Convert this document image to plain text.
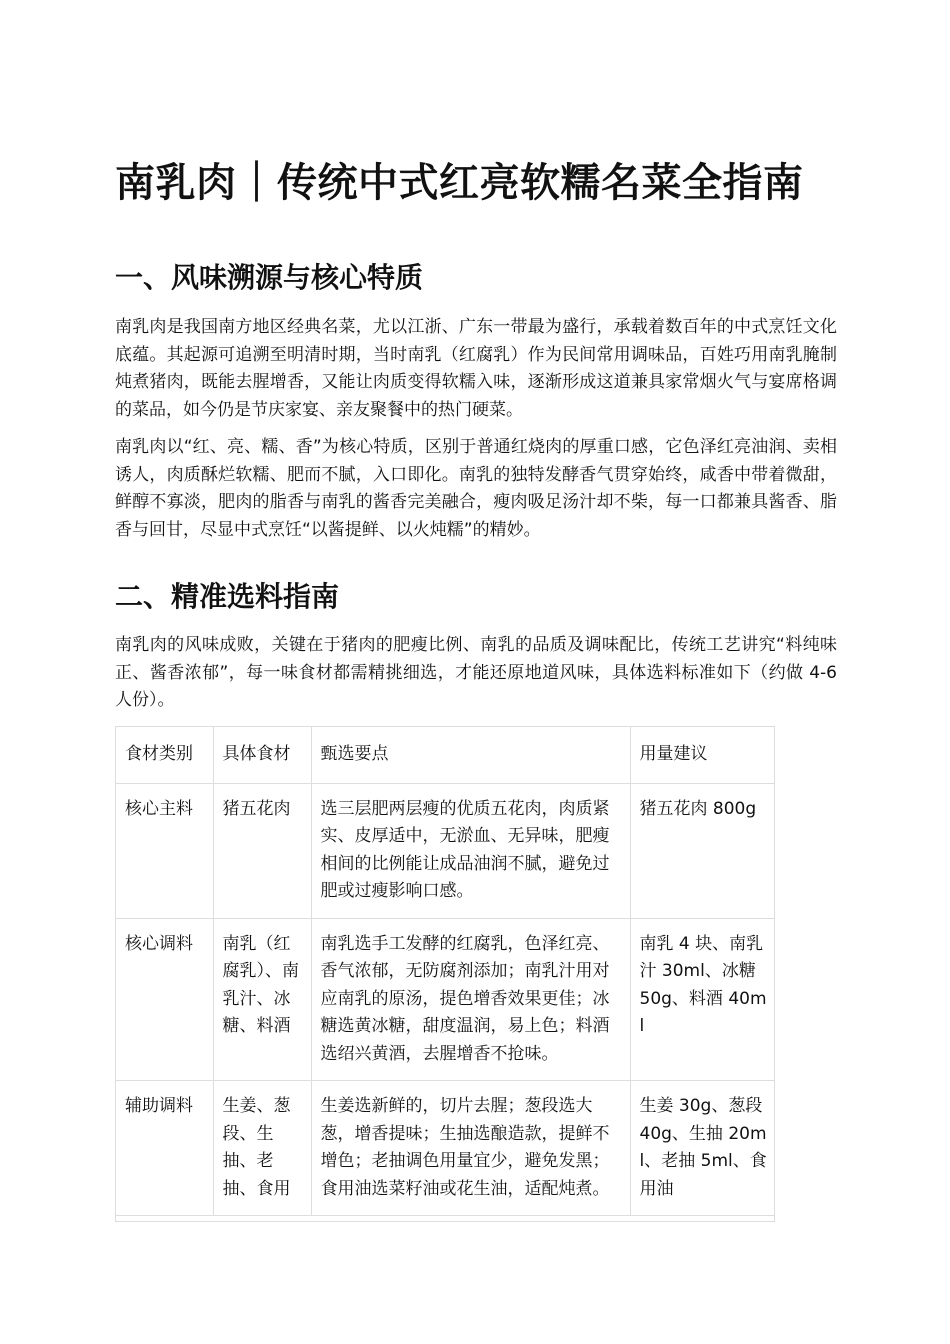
南乳肉｜传统中式红亮软糯名菜全指南
一、风味溯源与核心特质

南乳肉是我国南方地区经典名菜，尤以江浙、广东一带最为盛行，承载着数百年的中式烹饪文化底蕴。其起源可追溯至明清时期，当时南乳（红腐乳）作为民间常用调味品，百姓巧用南乳腌制炖煮猪肉，既能去腥增香，又能让肉质变得软糯入味，逐渐形成这道兼具家常烟火气与宴席格调的菜品，如今仍是节庆家宴、亲友聚餐中的热门硬菜。

南乳肉以“红、亮、糯、香”为核心特质，区别于普通红烧肉的厚重口感，它色泽红亮油润、卖相诱人，肉质酥烂软糯、肥而不腻，入口即化。南乳的独特发酵香气贯穿始终，咸香中带着微甜，鲜醇不寡淡，肥肉的脂香与南乳的酱香完美融合，瘦肉吸足汤汁却不柴，每一口都兼具酱香、脂香与回甘，尽显中式烹饪“以酱提鲜、以火炖糯”的精妙。

二、精准选料指南

南乳肉的风味成败，关键在于猪肉的肥瘦比例、南乳的品质及调味配比，传统工艺讲究“料纯味正、酱香浓郁”，每一味食材都需精挑细选，才能还原地道风味，具体选料标准如下（约做 4-6 人份）。

食材类别	具体食材	甄选要点	用量建议
核心主料	猪五花肉	选三层肥两层瘦的优质五花肉，肉质紧实、皮厚适中，无淤血、无异味，肥瘦相间的比例能让成品油润不腻，避免过肥或过瘦影响口感。	猪五花肉 800g
核心调料	南乳（红腐乳）、南乳汁、冰糖、料酒	南乳选手工发酵的红腐乳，色泽红亮、香气浓郁，无防腐剂添加；南乳汁用对应南乳的原汤，提色增香效果更佳；冰糖选黄冰糖，甜度温润，易上色；料酒选绍兴黄酒，去腥增香不抢味。	南乳 4 块、南乳汁 30ml、冰糖 50g、料酒 40ml
辅助调料	生姜、葱段、生抽、老抽、食用	生姜选新鲜的，切片去腥；葱段选大葱，增香提味；生抽选酿造款，提鲜不增色；老抽调色用量宜少，避免发黑；食用油选菜籽油或花生油，适配炖煮。	生姜 30g、葱段 40g、生抽 20ml、老抽 5ml、食用油
